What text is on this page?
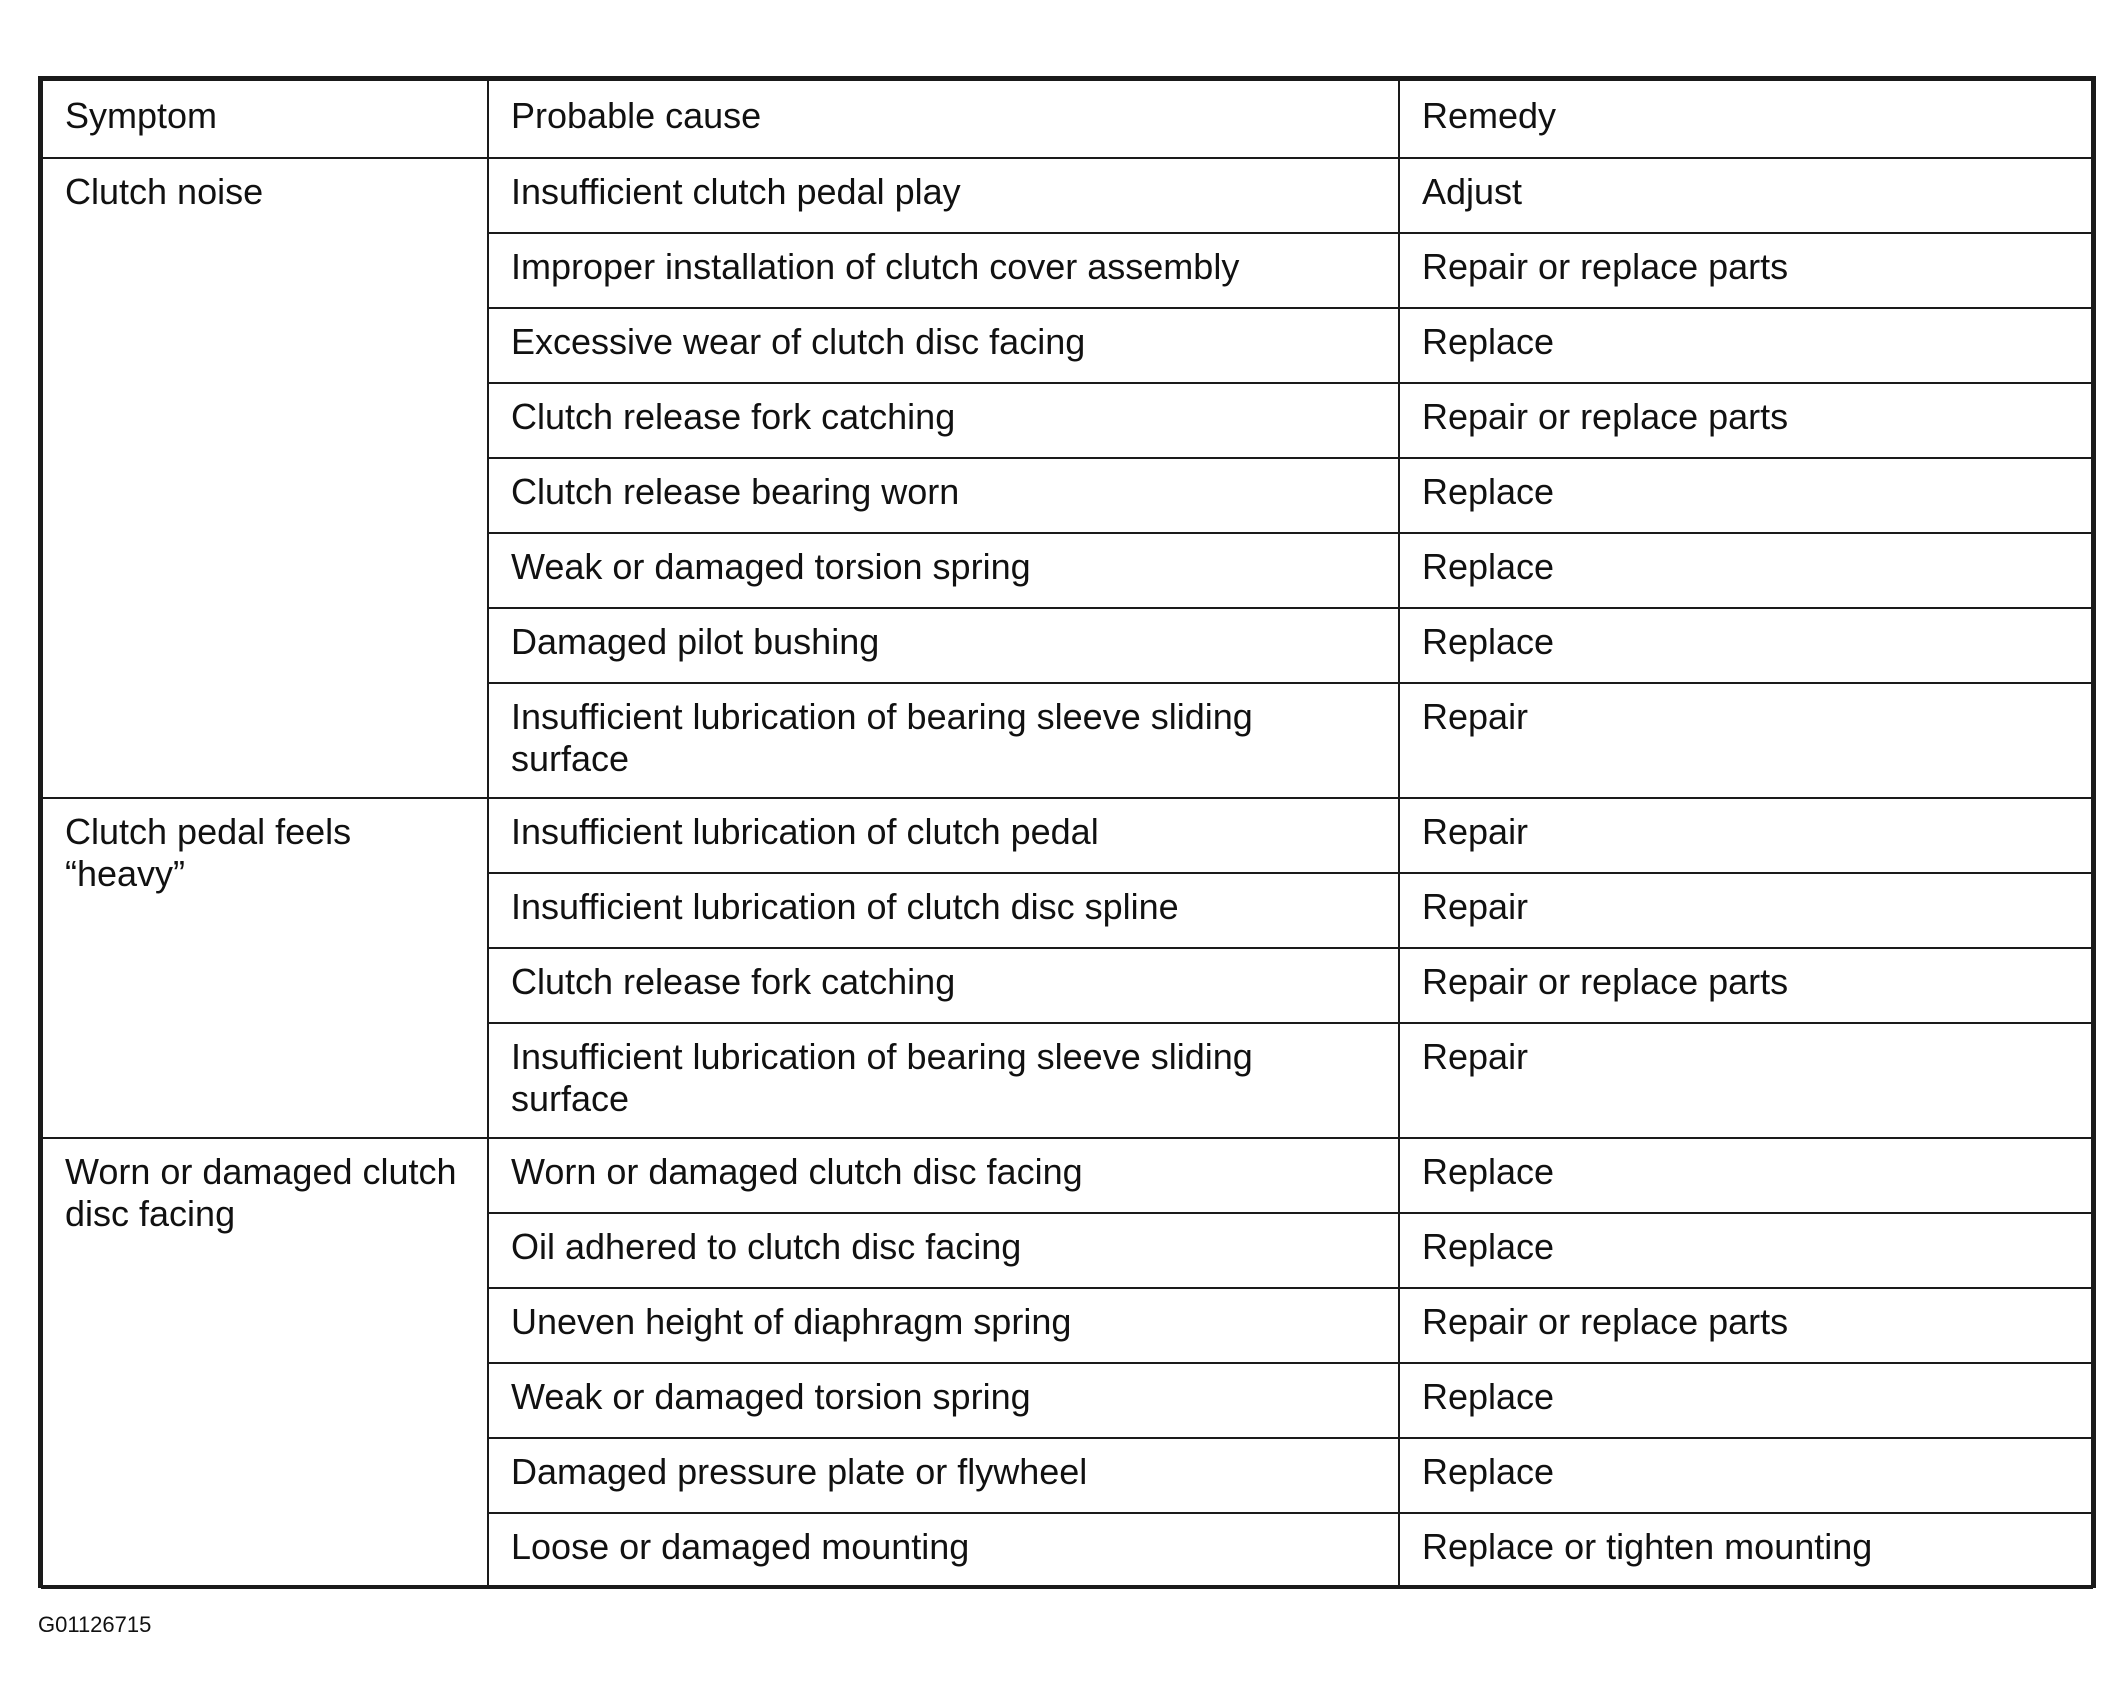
Symptom	Probable cause	Remedy
Clutch noise	Insufficient clutch pedal play	Adjust
	Improper installation of clutch cover assembly	Repair or replace parts
	Excessive wear of clutch disc facing	Replace
	Clutch release fork catching	Repair or replace parts
	Clutch release bearing worn	Replace
	Weak or damaged torsion spring	Replace
	Damaged pilot bushing	Replace
	Insufficient lubrication of bearing sleeve sliding surface	Repair
Clutch pedal feels “heavy”	Insufficient lubrication of clutch pedal	Repair
	Insufficient lubrication of clutch disc spline	Repair
	Clutch release fork catching	Repair or replace parts
	Insufficient lubrication of bearing sleeve sliding surface	Repair
Worn or damaged clutch disc facing	Worn or damaged clutch disc facing	Replace
	Oil adhered to clutch disc facing	Replace
	Uneven height of diaphragm spring	Repair or replace parts
	Weak or damaged torsion spring	Replace
	Damaged pressure plate or flywheel	Replace
	Loose or damaged mounting	Replace or tighten mounting
G01126715
